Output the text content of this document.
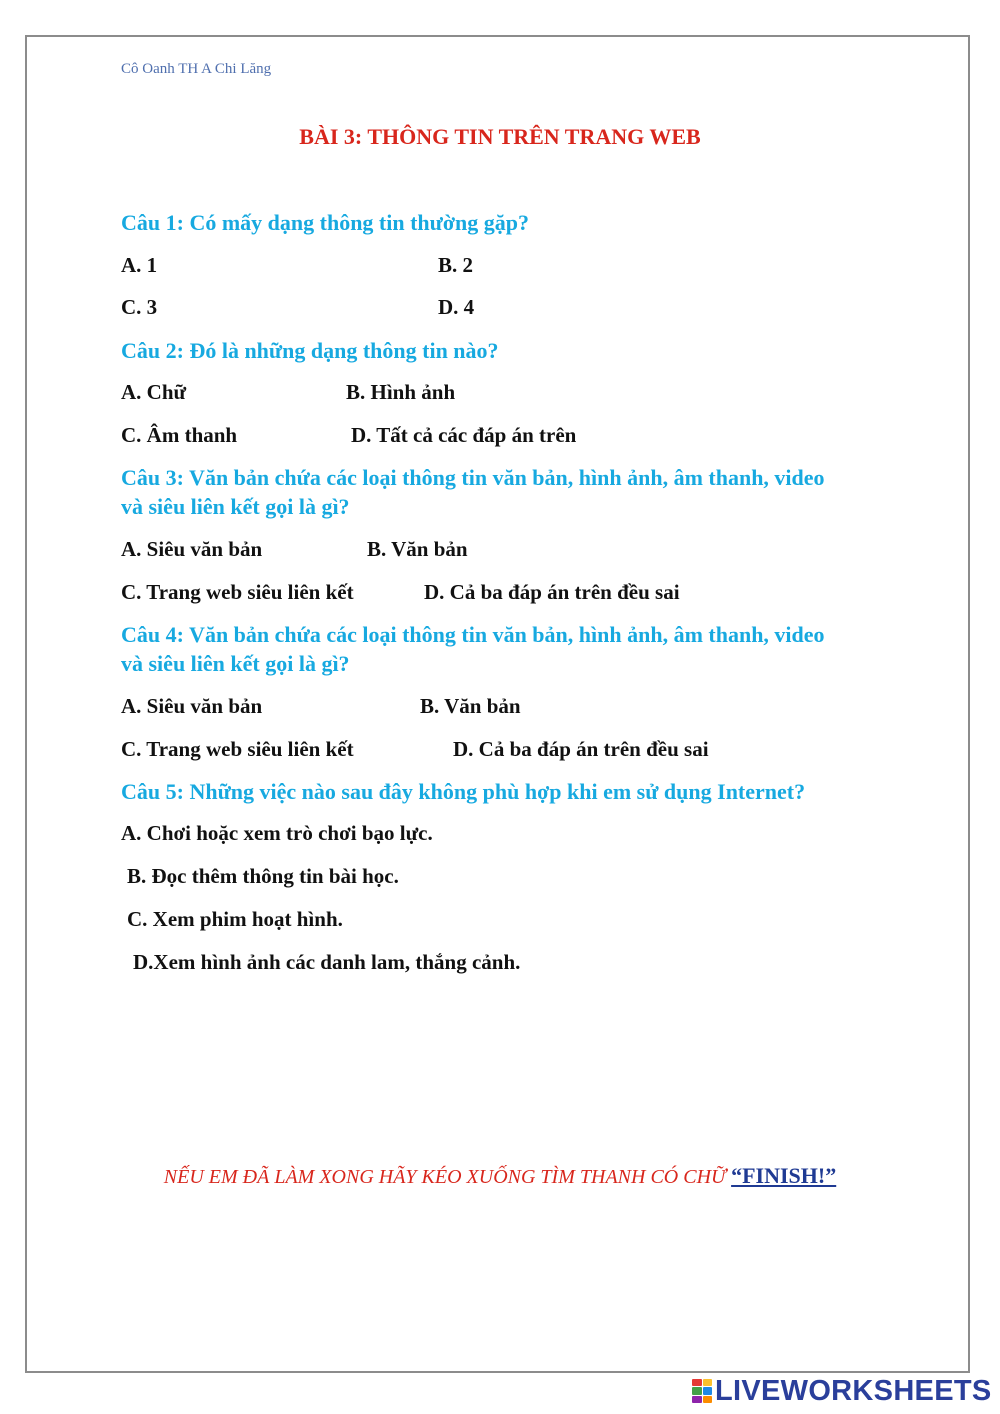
Cô Oanh TH A Chi Lăng
BÀI 3: THÔNG TIN TRÊN TRANG WEB
Câu 1: Có mấy dạng thông tin thường gặp?
A. 1	B. 2
C. 3	D. 4
Câu 2: Đó là những dạng thông tin nào?
A. Chữ	B. Hình ảnh
C. Âm thanh	D. Tất cả các đáp án trên
Câu 3: Văn bản chứa các loại thông tin văn bản, hình ảnh, âm thanh, video
và siêu liên kết gọi là gì?
A. Siêu văn bản	B. Văn bản
C. Trang web siêu liên kết	D. Cả ba đáp án trên đều sai
Câu 4: Văn bản chứa các loại thông tin văn bản, hình ảnh, âm thanh, video
và siêu liên kết gọi là gì?
A. Siêu văn bản	B. Văn bản
C. Trang web siêu liên kết	D. Cả ba đáp án trên đều sai
Câu 5: Những việc nào sau đây không phù hợp khi em sử dụng Internet?
A. Chơi hoặc xem trò chơi bạo lực.
B. Đọc thêm thông tin bài học.
C. Xem phim hoạt hình.
D.Xem hình ảnh các danh lam, thắng cảnh.
NẾU EM ĐÃ LÀM XONG HÃY KÉO XUỐNG TÌM THANH CÓ CHỮ “FINISH!”
LIVEWORKSHEETS
